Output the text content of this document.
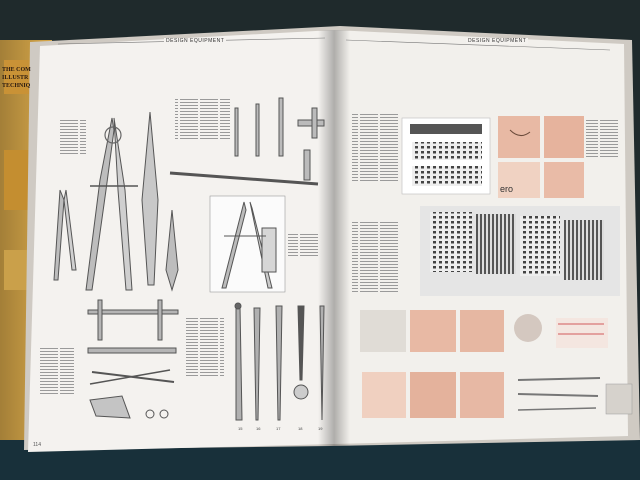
15	16	17	18	19
ero
DESIGN EQUIPMENT	DESIGN EQUIPMENT
114
THE COM
ILLUSTR
TECHNIQ
